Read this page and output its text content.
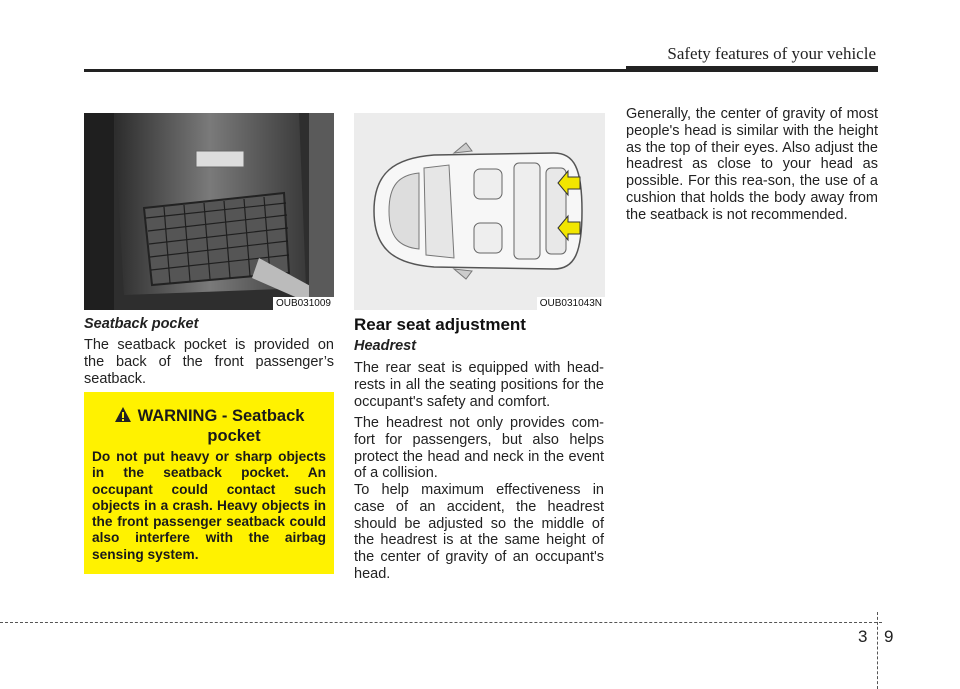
Safety features of your vehicle
OUB031009
Seatback pocket
The seatback pocket is provided on the back of the front passenger’s seatback.
WARNING - Seatback
pocket
Do not put heavy or sharp objects in the seatback pocket. An occupant could contact such objects in a crash. Heavy objects in the front passenger seatback could also interfere with the airbag sensing system.
OUB031043N
Rear seat adjustment
Headrest
The rear seat is equipped with head-rests in all the seating positions for the occupant's safety and comfort.
The headrest not only provides com-fort for passengers, but also helps protect the head and neck in the event of a collision.
To help maximum effectiveness in case of an accident, the headrest should be adjusted so the middle of the headrest is at the same height of the center of gravity of an occupant's head.
Generally, the center of gravity of most people's head is similar with the height as the top of their eyes. Also adjust the headrest as close to your head as possible. For this rea-son, the use of a cushion that holds the body away from the seatback is not recommended.
3 9
